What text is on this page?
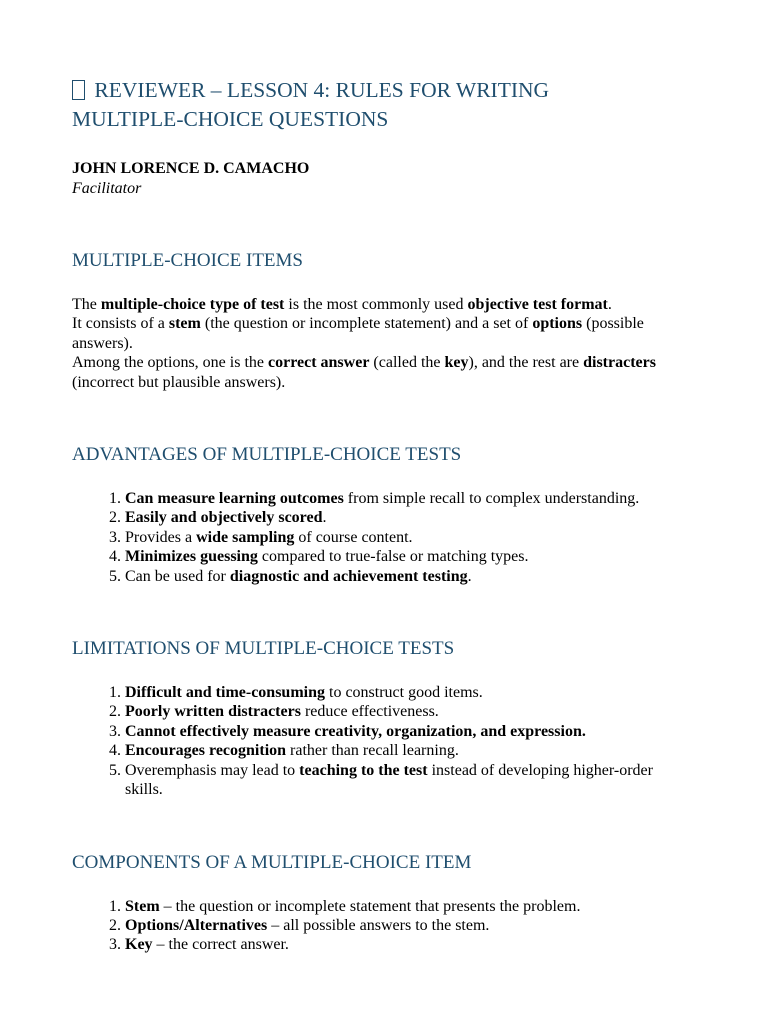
REVIEWER – LESSON 4: RULES FOR WRITING
MULTIPLE-CHOICE QUESTIONS
JOHN LORENCE D. CAMACHO
Facilitator
MULTIPLE-CHOICE ITEMS

The multiple-choice type of test is the most commonly used objective test format.

It consists of a stem (the question or incomplete statement) and a set of options (possible answers).

Among the options, one is the correct answer (called the key), and the rest are distracters (incorrect but plausible answers).

ADVANTAGES OF MULTIPLE-CHOICE TESTS
1. Can measure learning outcomes from simple recall to complex understanding.
2. Easily and objectively scored.
3. Provides a wide sampling of course content.
4. Minimizes guessing compared to true-false or matching types.
5. Can be used for diagnostic and achievement testing.
LIMITATIONS OF MULTIPLE-CHOICE TESTS
1. Difficult and time-consuming to construct good items.
2. Poorly written distracters reduce effectiveness.
3. Cannot effectively measure creativity, organization, and expression.
4. Encourages recognition rather than recall learning.
5. Overemphasis may lead to teaching to the test instead of developing higher-order skills.
COMPONENTS OF A MULTIPLE-CHOICE ITEM
1. Stem – the question or incomplete statement that presents the problem.
2. Options/Alternatives – all possible answers to the stem.
3. Key – the correct answer.
